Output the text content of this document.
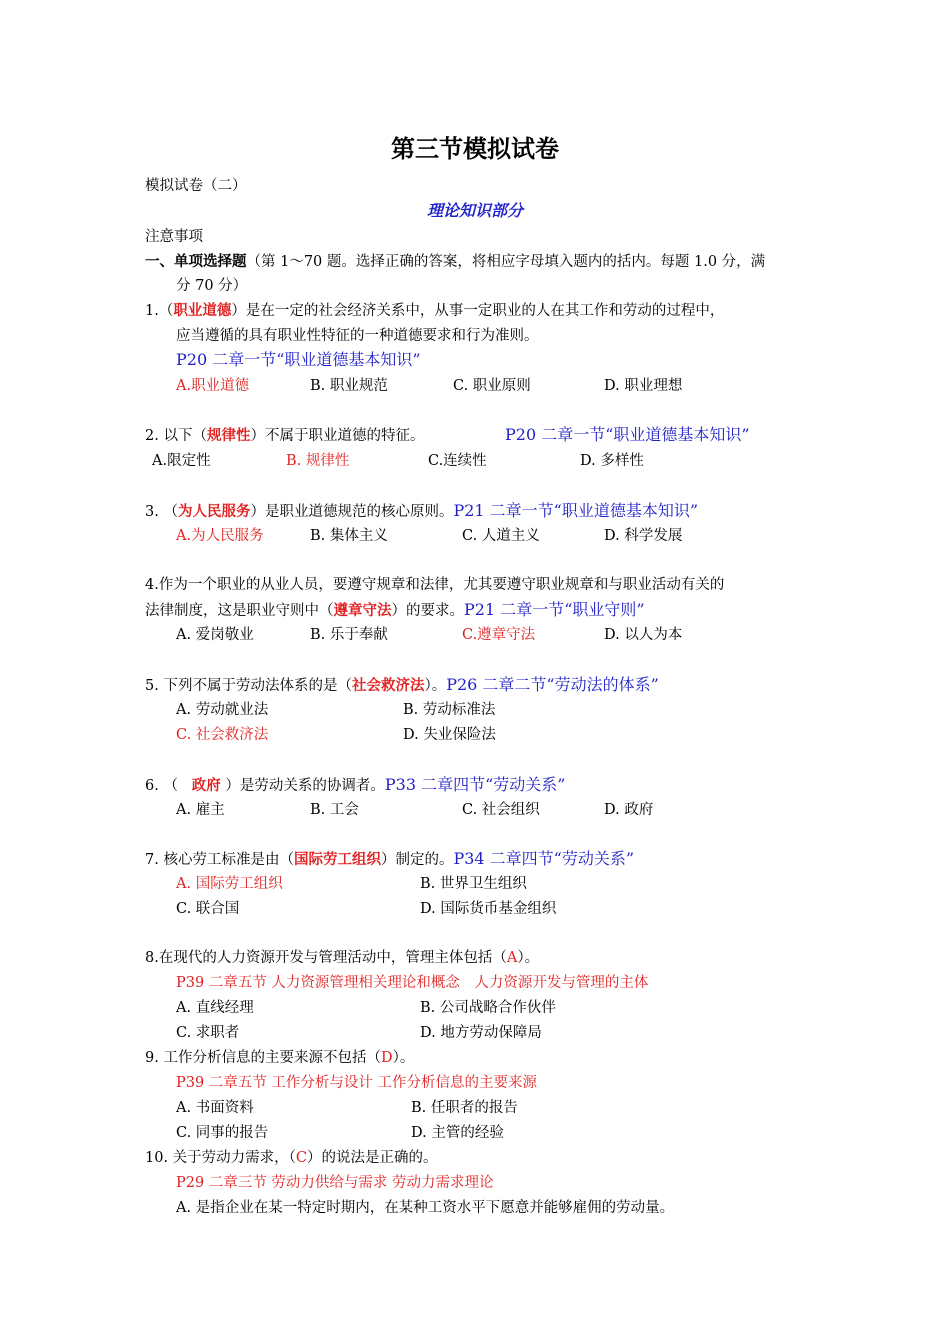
第三节模拟试卷
模拟试卷（二）
理论知识部分
注意事项
一、单项选择题（第 1～70 题。选择正确的答案，将相应字母填入题内的括内。每题 1.0 分，满
分 70 分）
1.（职业道德）是在一定的社会经济关系中，从事一定职业的人在其工作和劳动的过程中，
应当遵循的具有职业性特征的一种道德要求和行为准则。
P20 二章一节“职业道德基本知识”
A.职业道德	B. 职业规范	C. 职业原则	D. 职业理想
2. 以下（规律性）不属于职业道德的特征。	P20 二章一节“职业道德基本知识”
A.限定性	B. 规律性	C.连续性	D. 多样性
3. （为人民服务）是职业道德规范的核心原则。P21 二章一节“职业道德基本知识”
A.为人民服务	B. 集体主义	C. 人道主义	D. 科学发展
4.作为一个职业的从业人员，要遵守规章和法律，尤其要遵守职业规章和与职业活动有关的
法律制度，这是职业守则中（遵章守法）的要求。P21 二章一节“职业守则”
A. 爱岗敬业	B. 乐于奉献	C.遵章守法	D. 以人为本
5. 下列不属于劳动法体系的是（社会救济法）。P26 二章二节“劳动法的体系”
A. 劳动就业法	B. 劳动标准法
C. 社会救济法	D. 失业保险法
6. （ 政府 ）是劳动关系的协调者。P33 二章四节“劳动关系”
A. 雇主	B. 工会	C. 社会组织	D. 政府
7. 核心劳工标准是由（国际劳工组织）制定的。P34 二章四节“劳动关系”
A. 国际劳工组织	B. 世界卫生组织
C. 联合国	D. 国际货币基金组织
8.在现代的人力资源开发与管理活动中，管理主体包括（A）。
P39 二章五节 人力资源管理相关理论和概念　人力资源开发与管理的主体
A. 直线经理	B. 公司战略合作伙伴
C. 求职者	D. 地方劳动保障局
9. 工作分析信息的主要来源不包括（D）。
P39 二章五节 工作分析与设计 工作分析信息的主要来源
A. 书面资料	B. 任职者的报告
C. 同事的报告	D. 主管的经验
10. 关于劳动力需求，（C）的说法是正确的。
P29 二章三节 劳动力供给与需求 劳动力需求理论
A. 是指企业在某一特定时期内，在某种工资水平下愿意并能够雇佣的劳动量。
